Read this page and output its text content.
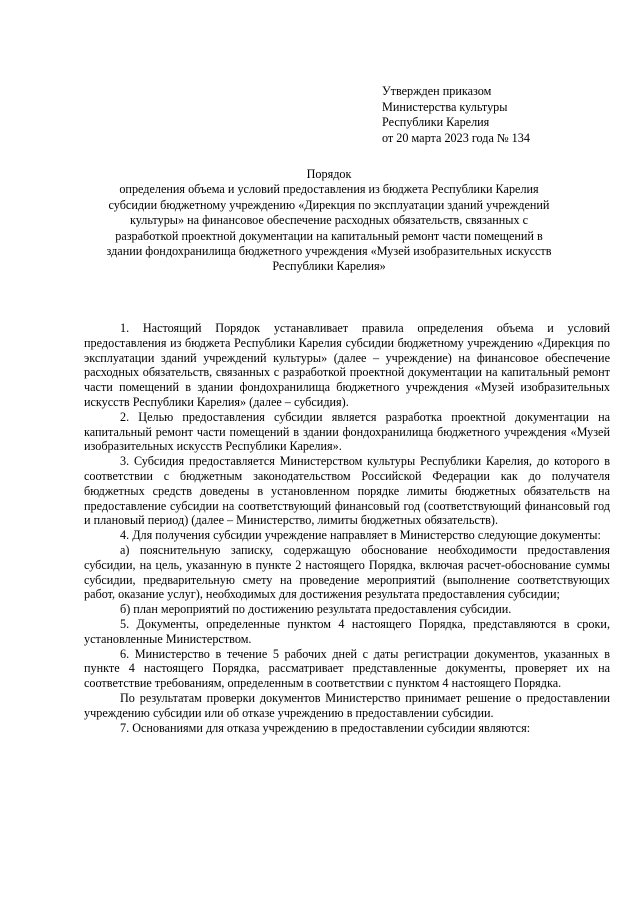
Утвержден приказом
Министерства культуры
Республики Карелия
от 20 марта 2023 года № 134
Порядок
определения объема и условий предоставления из бюджета Республики Карелия
субсидии бюджетному учреждению «Дирекция по эксплуатации зданий учреждений
культуры» на финансовое обеспечение расходных обязательств, связанных с
разработкой проектной документации на капитальный ремонт части помещений в
здании фондохранилища бюджетного учреждения «Музей изобразительных искусств
Республики Карелия»

1. Настоящий Порядок устанавливает правила определения объема и условий предоставления из бюджета Республики Карелия субсидии бюджетному учреждению «Дирекция по эксплуатации зданий учреждений культуры» (далее – учреждение) на финансовое обеспечение расходных обязательств, связанных с разработкой проектной документации на капитальный ремонт части помещений в здании фондохранилища бюджетного учреждения «Музей изобразительных искусств Республики Карелия» (далее – субсидия).

2. Целью предоставления субсидии является разработка проектной документации на капитальный ремонт части помещений в здании фондохранилища бюджетного учреждения «Музей изобразительных искусств Республики Карелия».

3. Субсидия предоставляется Министерством культуры Республики Карелия, до которого в соответствии с бюджетным законодательством Российской Федерации как до получателя бюджетных средств доведены в установленном порядке лимиты бюджетных обязательств на предоставление субсидии на соответствующий финансовый год (соответствующий финансовый год и плановый период) (далее – Министерство, лимиты бюджетных обязательств).

4. Для получения субсидии учреждение направляет в Министерство следующие документы:

а) пояснительную записку, содержащую обоснование необходимости предоставления субсидии, на цель, указанную в пункте 2 настоящего Порядка, включая расчет-обоснование суммы субсидии, предварительную смету на проведение мероприятий (выполнение соответствующих работ, оказание услуг), необходимых для достижения результата предоставления субсидии;

б) план мероприятий по достижению результата предоставления субсидии.

5. Документы, определенные пунктом 4 настоящего Порядка, представляются в сроки, установленные Министерством.

6. Министерство в течение 5 рабочих дней с даты регистрации документов, указанных в пункте 4 настоящего Порядка, рассматривает представленные документы, проверяет их на соответствие требованиям, определенным в соответствии с пунктом 4 настоящего Порядка.

По результатам проверки документов Министерство принимает решение о предоставлении учреждению субсидии или об отказе учреждению в предоставлении субсидии.

7. Основаниями для отказа учреждению в предоставлении субсидии являются:
